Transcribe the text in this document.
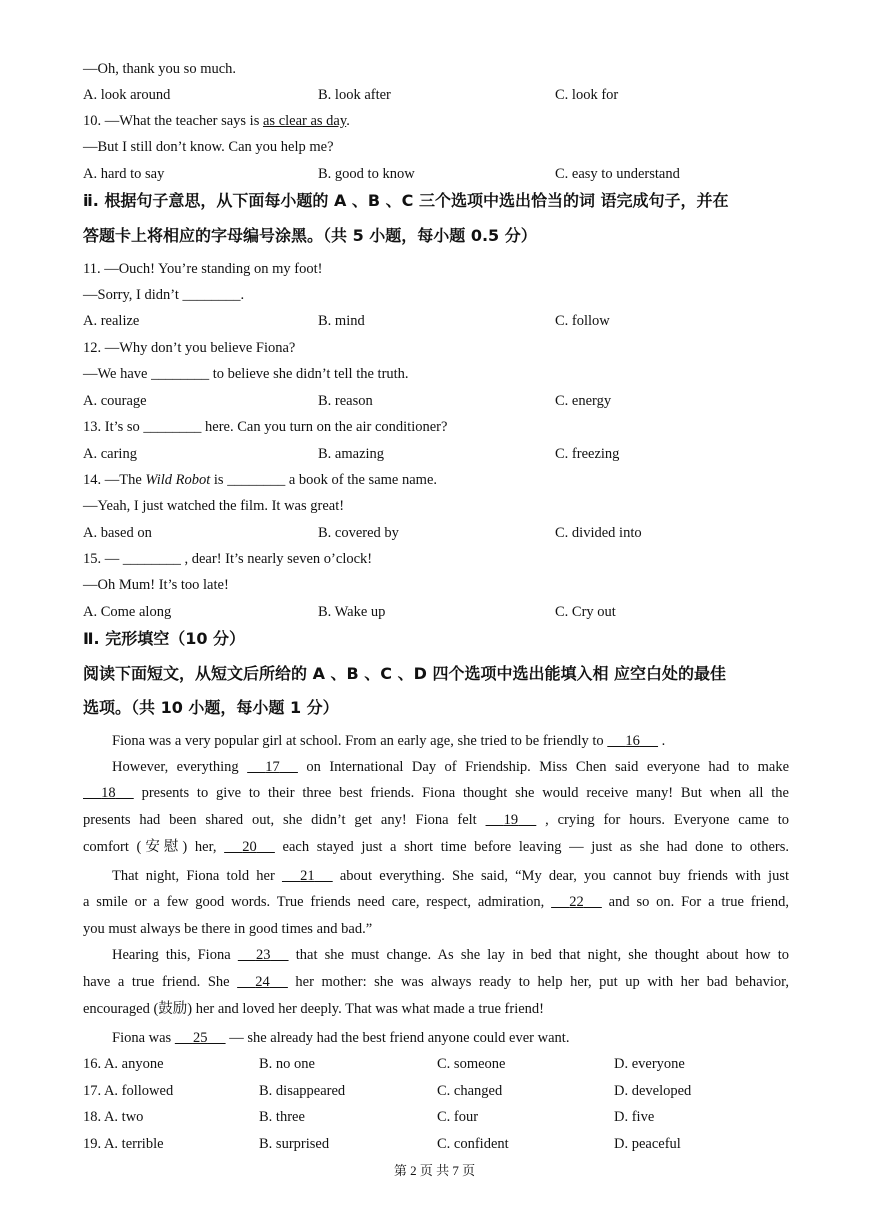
—Oh, thank you so much.
A. look around	B. look after	C. look for
10. —What the teacher says is as clear as day.
—But I still don’t know. Can you help me?
A. hard to say	B. good to know	C. easy to understand
ⅱ. 根据句子意思，从下面每小题的 A 、B 、C 三个选项中选出恰当的词 语完成句子，并在
答题卡上将相应的字母编号涂黑。（共 5 小题，每小题 0.5 分）
11. —Ouch! You’re standing on my foot!
—Sorry, I didn’t ________.
A. realize	B. mind	C. follow
12. —Why don’t you believe Fiona?
—We have ________ to believe she didn’t tell the truth.
A. courage	B. reason	C. energy
13. It’s so ________ here. Can you turn on the air conditioner?
A. caring	B. amazing	C. freezing
14. —The Wild Robot is ________ a book of the same name.
—Yeah, I just watched the film. It was great!
A. based on	B. covered by	C. divided into
15. — ________ , dear! It’s nearly seven o’clock!
—Oh Mum! It’s too late!
A. Come along	B. Wake up	C. Cry out
Ⅱ. 完形填空（10 分）
阅读下面短文，从短文后所给的 A 、B 、C 、D 四个选项中选出能填入相 应空白处的最佳
选项。（共 10 小题，每小题 1 分）
Fiona was a very popular girl at school. From an early age, she tried to be friendly to      16      .
However, everything      17      on International Day of Friendship. Miss Chen said everyone had to make
18      presents to give to their three best friends. Fiona thought she would receive many! But when all the
presents had been shared out, she didn’t get any! Fiona felt      19      , crying for hours. Everyone came to
comfort (安慰) her,      20      each stayed just a short time before leaving — just as she had done to others.
That night, Fiona told her      21      about everything. She said, “My dear, you cannot buy friends with just
a smile or a few good words. True friends need care, respect, admiration,      22      and so on. For a true friend,
you must always be there in good times and bad.”
Hearing this, Fiona      23      that she must change. As she lay in bed that night, she thought about how to
have a true friend. She      24      her mother: she was always ready to help her, put up with her bad behavior,
encouraged (鼓励) her and loved her deeply. That was what made a true friend!
Fiona was      25      — she already had the best friend anyone could ever want.
16. A. anyone	B. no one	C. someone	D. everyone
17. A. followed	B. disappeared	C. changed	D. developed
18. A. two	B. three	C. four	D. five
19. A. terrible	B. surprised	C. confident	D. peaceful
第 2 页 共 7 页
